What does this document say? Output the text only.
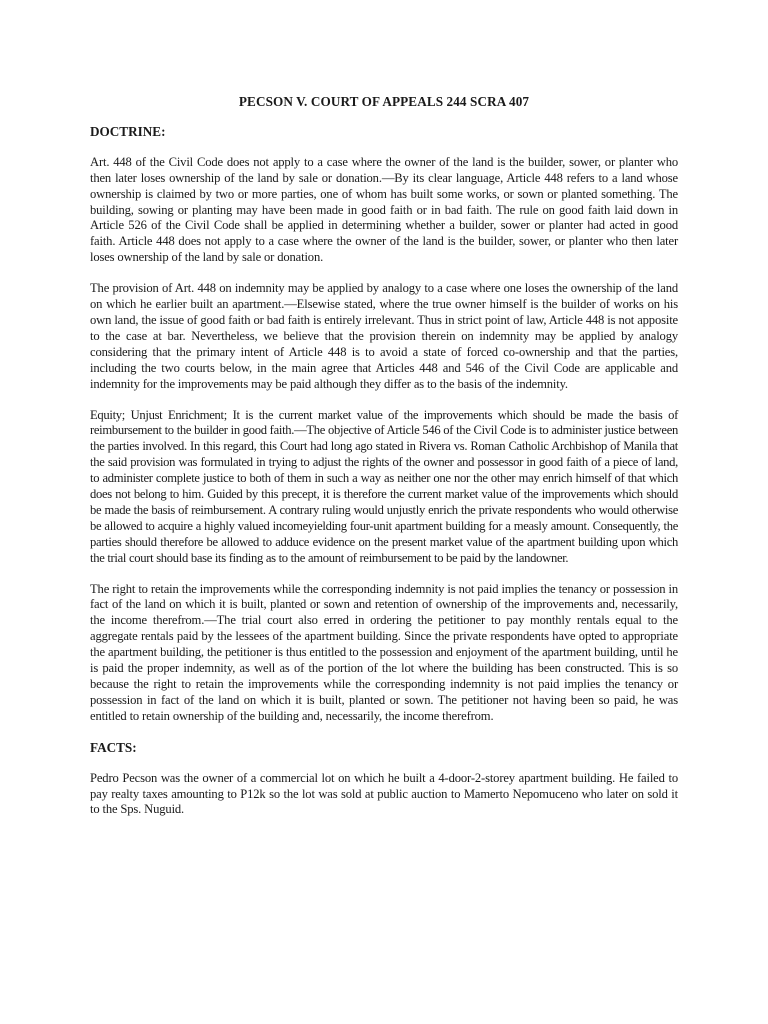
PECSON V. COURT OF APPEALS 244 SCRA 407
DOCTRINE:

Art. 448 of the Civil Code does not apply to a case where the owner of the land is the builder, sower, or planter who then later loses ownership of the land by sale or donation.—By its clear language, Article 448 refers to a land whose ownership is claimed by two or more parties, one of whom has built some works, or sown or planted something. The building, sowing or planting may have been made in good faith or in bad faith. The rule on good faith laid down in Article 526 of the Civil Code shall be applied in determining whether a builder, sower or planter had acted in good faith. Article 448 does not apply to a case where the owner of the land is the builder, sower, or planter who then later loses ownership of the land by sale or donation.

The provision of Art. 448 on indemnity may be applied by analogy to a case where one loses the ownership of the land on which he earlier built an apartment.—Elsewise stated, where the true owner himself is the builder of works on his own land, the issue of good faith or bad faith is entirely irrelevant. Thus in strict point of law, Article 448 is not apposite to the case at bar. Nevertheless, we believe that the provision therein on indemnity may be applied by analogy considering that the primary intent of Article 448 is to avoid a state of forced co-ownership and that the parties, including the two courts below, in the main agree that Articles 448 and 546 of the Civil Code are applicable and indemnity for the improvements may be paid although they differ as to the basis of the indemnity.

Equity; Unjust Enrichment; It is the current market value of the improvements which should be made the basis of reimbursement to the builder in good faith.—The objective of Article 546 of the Civil Code is to administer justice between the parties involved. In this regard, this Court had long ago stated in Rivera vs. Roman Catholic Archbishop of Manila that the said provision was formulated in trying to adjust the rights of the owner and possessor in good faith of a piece of land, to administer complete justice to both of them in such a way as neither one nor the other may enrich himself of that which does not belong to him. Guided by this precept, it is therefore the current market value of the improvements which should be made the basis of reimbursement. A contrary ruling would unjustly enrich the private respondents who would otherwise be allowed to acquire a highly valued incomeyielding four-unit apartment building for a measly amount. Consequently, the parties should therefore be allowed to adduce evidence on the present market value of the apartment building upon which the trial court should base its finding as to the amount of reimbursement to be paid by the landowner.

The right to retain the improvements while the corresponding indemnity is not paid implies the tenancy or possession in fact of the land on which it is built, planted or sown and retention of ownership of the improvements and, necessarily, the income therefrom.—The trial court also erred in ordering the petitioner to pay monthly rentals equal to the aggregate rentals paid by the lessees of the apartment building. Since the private respondents have opted to appropriate the apartment building, the petitioner is thus entitled to the possession and enjoyment of the apartment building, until he is paid the proper indemnity, as well as of the portion of the lot where the building has been constructed. This is so because the right to retain the improvements while the corresponding indemnity is not paid implies the tenancy or possession in fact of the land on which it is built, planted or sown. The petitioner not having been so paid, he was entitled to retain ownership of the building and, necessarily, the income therefrom.

FACTS:

Pedro Pecson was the owner of a commercial lot on which he built a 4-door-2-storey apartment building. He failed to pay realty taxes amounting to P12k so the lot was sold at public auction to Mamerto Nepomuceno who later on sold it to the Sps. Nuguid.
